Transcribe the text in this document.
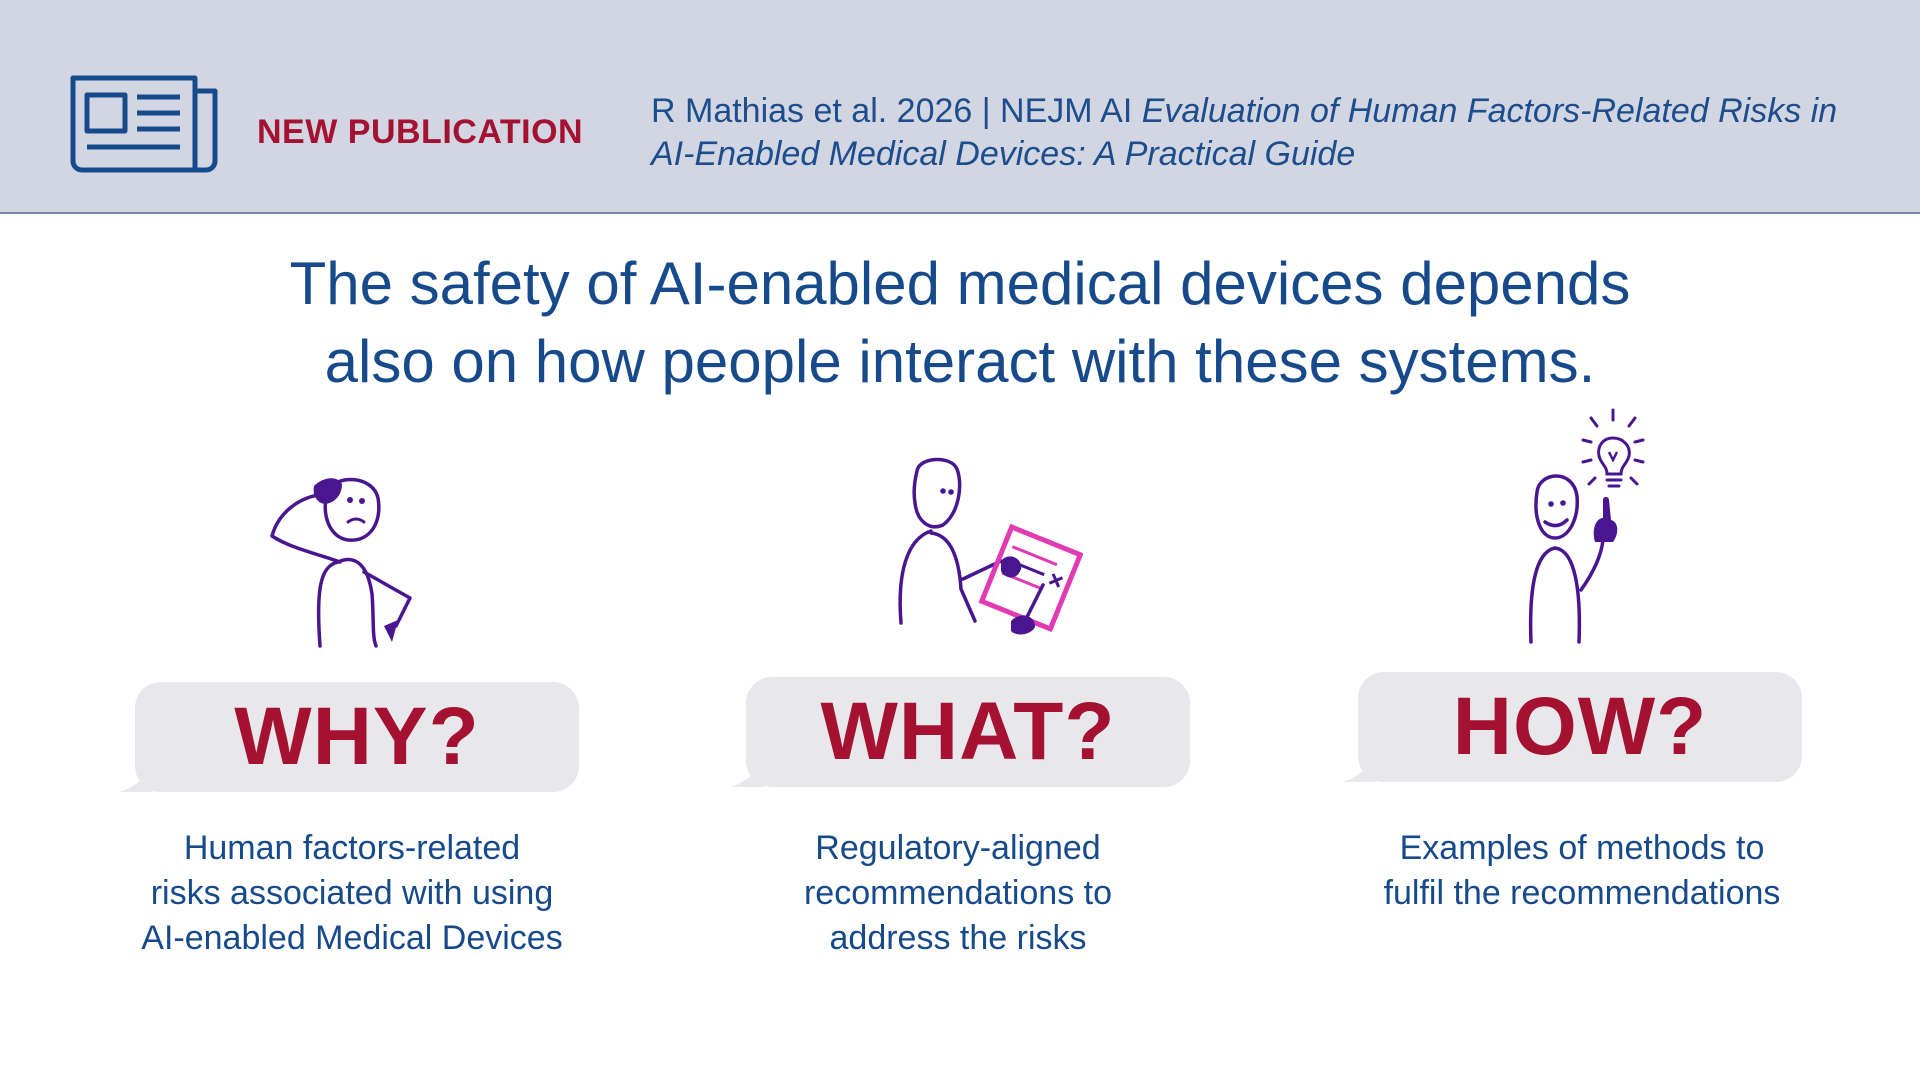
NEW PUBLICATION
R Mathias et al. 2026 | NEJM AI Evaluation of Human Factors-Related Risks in AI-Enabled Medical Devices: A Practical Guide
The safety of AI-enabled medical devices depends
also on how people interact with these systems.
WHY?
Human factors-related
risks associated with using
AI-enabled Medical Devices
WHAT?
Regulatory-aligned
recommendations to
address the risks
HOW?
Examples of methods to
fulfil the recommendations
